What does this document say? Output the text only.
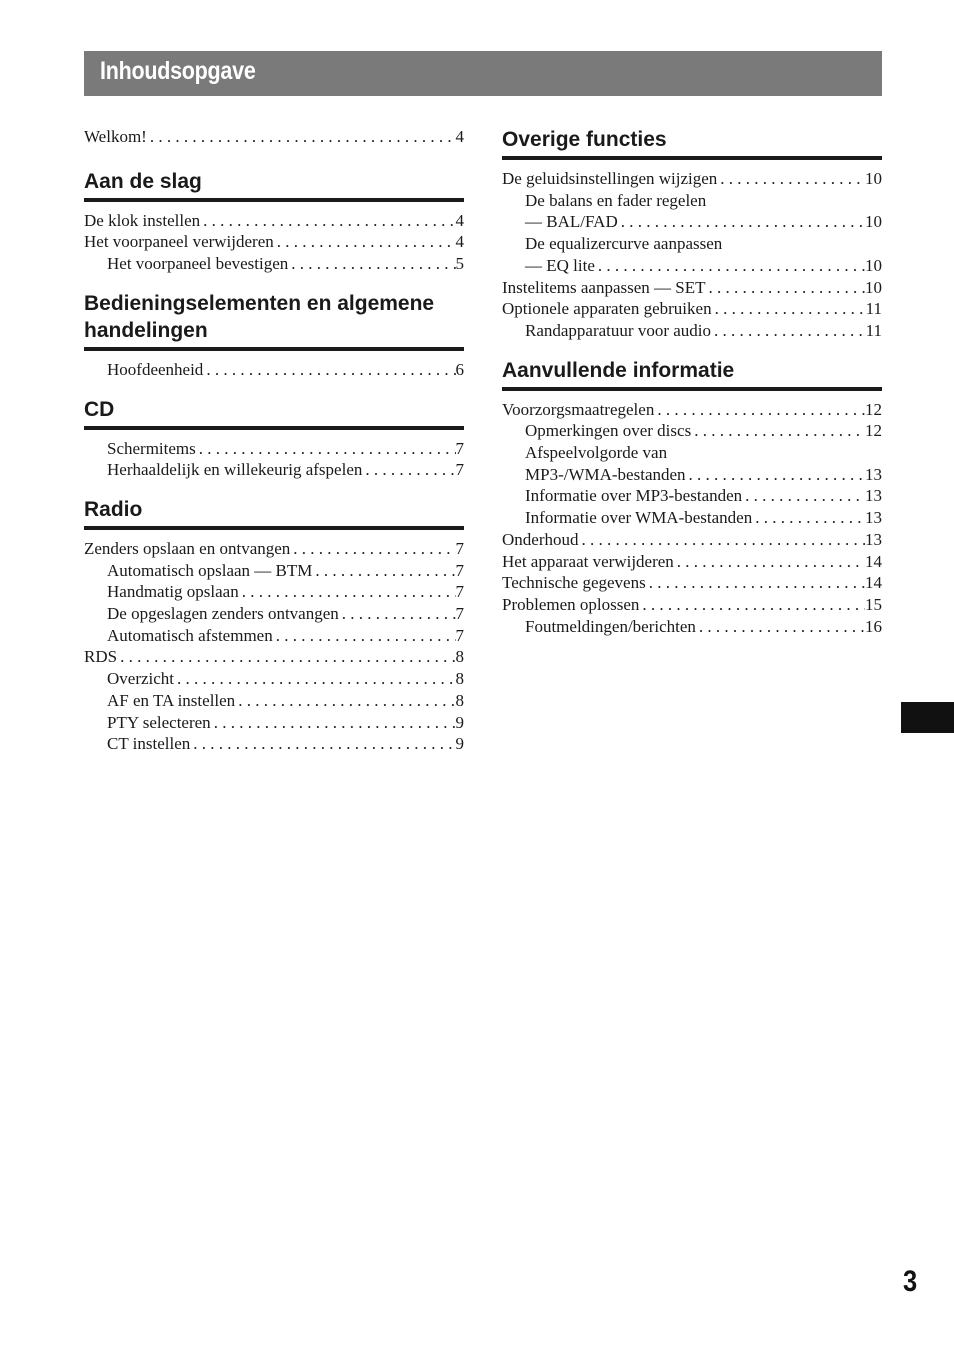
Inhoudsopgave
Welkom! . . .	4
Aan de slag
De klok instellen . . .	4
Het voorpaneel verwijderen . . .	4
Het voorpaneel bevestigen . . .	5
Bedieningselementen en algemene handelingen
Hoofdeenheid . . .	6
CD
Schermitems . . .	7
Herhaaldelijk en willekeurig afspelen . . .	7
Radio
Zenders opslaan en ontvangen . . .	7
Automatisch opslaan — BTM . . .	7
Handmatig opslaan . . .	7
De opgeslagen zenders ontvangen . . .	7
Automatisch afstemmen . . .	7
RDS . . .	8
Overzicht . . .	8
AF en TA instellen . . .	8
PTY selecteren . . .	9
CT instellen . . .	9
Overige functies
De geluidsinstellingen wijzigen . . .	10
De balans en fader regelen
— BAL/FAD . . .	10
De equalizercurve aanpassen
— EQ lite . . .	10
Instelitems aanpassen — SET . . .	10
Optionele apparaten gebruiken . . .	11
Randapparatuur voor audio . . .	11
Aanvullende informatie
Voorzorgsmaatregelen . . .	12
Opmerkingen over discs . . .	12
Afspeelvolgorde van
MP3-/WMA-bestanden . . .	13
Informatie over MP3-bestanden . . .	13
Informatie over WMA-bestanden . . .	13
Onderhoud . . .	13
Het apparaat verwijderen . . .	14
Technische gegevens . . .	14
Problemen oplossen . . .	15
Foutmeldingen/berichten . . .	16
3
